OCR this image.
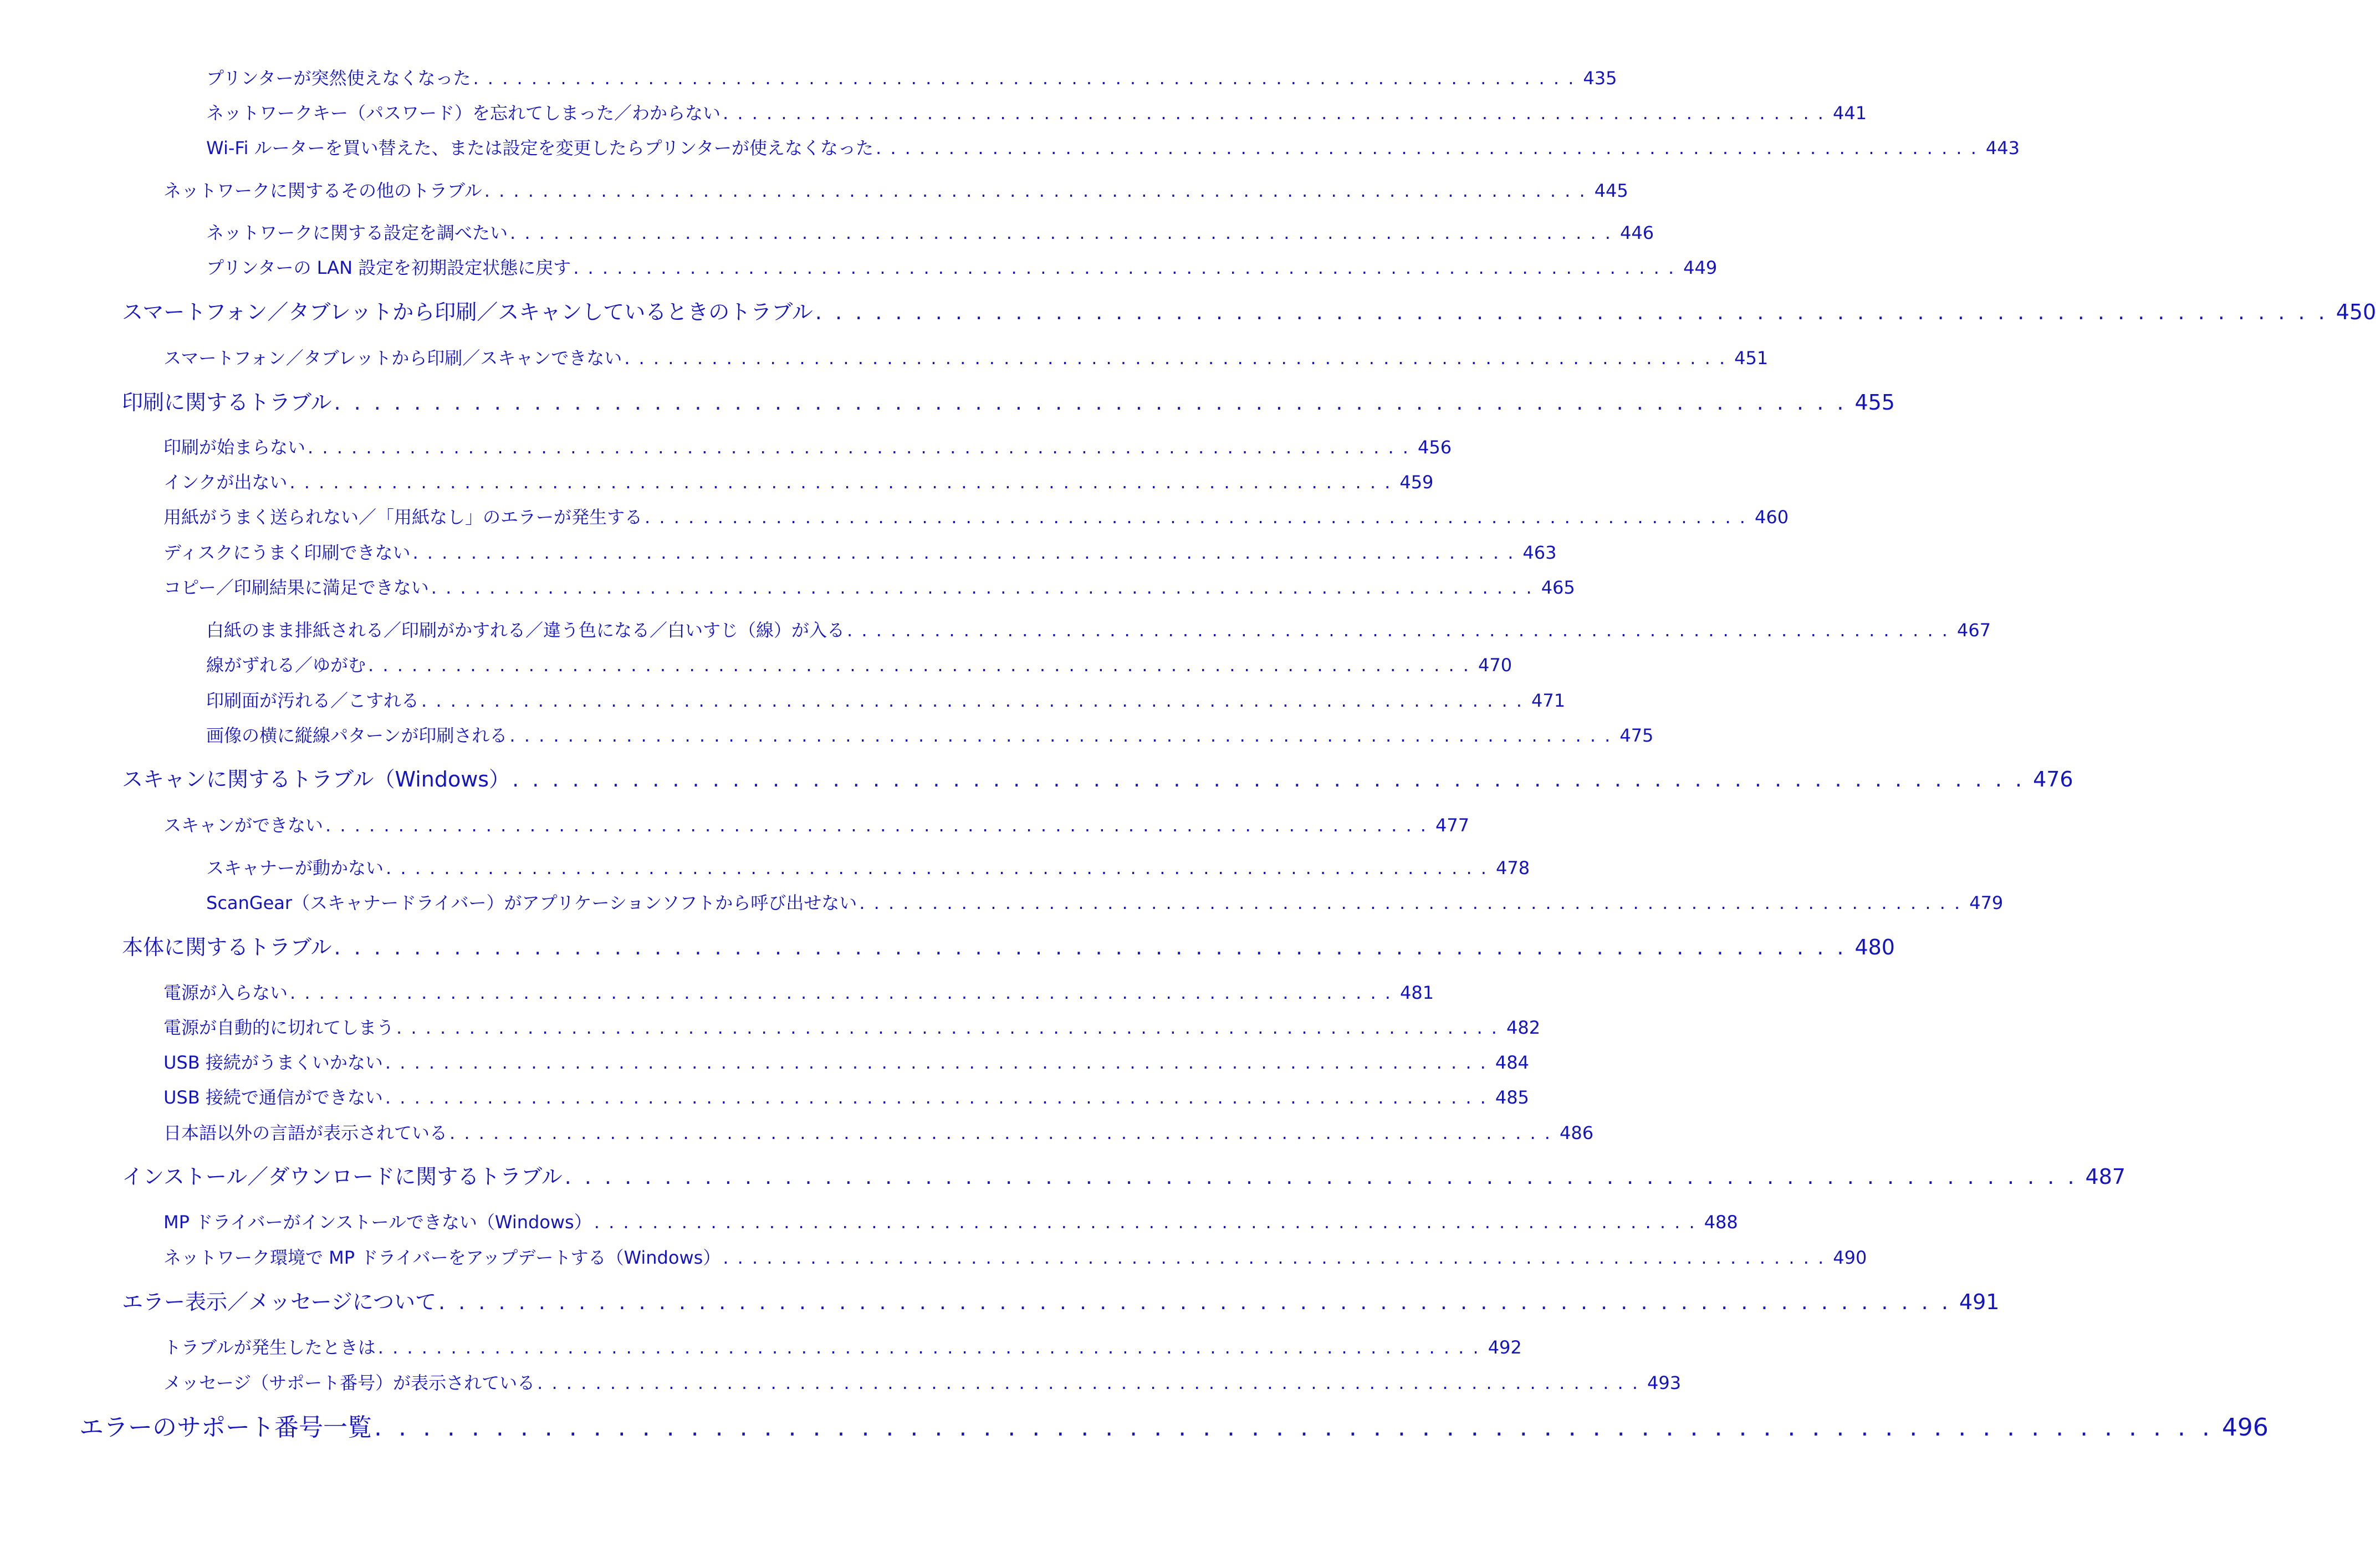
プリンターが突然使えなくなった . . . . . . . . . . . . . . . . . . . . . . . . . . . . . . . . . . . . . . . . . . . . . . . . . . . . . . . . . . . . . . . . . . . . . . . . . . . . 435
ネットワークキー（パスワード）を忘れてしまった／わからない . . . . . . . . . . . . . . . . . . . . . . . . . . . . . . . . . . . . . . . . . . . . . . . . . . . . . . . . . . . . . . . . . . . . . . . . . . . . 441
Wi-Fi ルーターを買い替えた、または設定を変更したらプリンターが使えなくなった . . . . . . . . . . . . . . . . . . . . . . . . . . . . . . . . . . . . . . . . . . . . . . . . . . . . . . . . . . . . . . . . . . . . . . . . . . . . 443
ネットワークに関するその他のトラブル . . . . . . . . . . . . . . . . . . . . . . . . . . . . . . . . . . . . . . . . . . . . . . . . . . . . . . . . . . . . . . . . . . . . . . . . . . . . 445
ネットワークに関する設定を調べたい . . . . . . . . . . . . . . . . . . . . . . . . . . . . . . . . . . . . . . . . . . . . . . . . . . . . . . . . . . . . . . . . . . . . . . . . . . . . 446
プリンターの LAN 設定を初期設定状態に戻す . . . . . . . . . . . . . . . . . . . . . . . . . . . . . . . . . . . . . . . . . . . . . . . . . . . . . . . . . . . . . . . . . . . . . . . . . . . . 449
スマートフォン／タブレットから印刷／スキャンしているときのトラブル . . . . . . . . . . . . . . . . . . . . . . . . . . . . . . . . . . . . . . . . . . . . . . . . . . . . . . . . . . . . . . . . . . . . . . . . . . . . 450
スマートフォン／タブレットから印刷／スキャンできない . . . . . . . . . . . . . . . . . . . . . . . . . . . . . . . . . . . . . . . . . . . . . . . . . . . . . . . . . . . . . . . . . . . . . . . . . . . . 451
印刷に関するトラブル . . . . . . . . . . . . . . . . . . . . . . . . . . . . . . . . . . . . . . . . . . . . . . . . . . . . . . . . . . . . . . . . . . . . . . . . . . . . 455
印刷が始まらない . . . . . . . . . . . . . . . . . . . . . . . . . . . . . . . . . . . . . . . . . . . . . . . . . . . . . . . . . . . . . . . . . . . . . . . . . . . . 456
インクが出ない . . . . . . . . . . . . . . . . . . . . . . . . . . . . . . . . . . . . . . . . . . . . . . . . . . . . . . . . . . . . . . . . . . . . . . . . . . . . 459
用紙がうまく送られない／「用紙なし」のエラーが発生する . . . . . . . . . . . . . . . . . . . . . . . . . . . . . . . . . . . . . . . . . . . . . . . . . . . . . . . . . . . . . . . . . . . . . . . . . . . . 460
ディスクにうまく印刷できない . . . . . . . . . . . . . . . . . . . . . . . . . . . . . . . . . . . . . . . . . . . . . . . . . . . . . . . . . . . . . . . . . . . . . . . . . . . . 463
コピー／印刷結果に満足できない . . . . . . . . . . . . . . . . . . . . . . . . . . . . . . . . . . . . . . . . . . . . . . . . . . . . . . . . . . . . . . . . . . . . . . . . . . . . 465
白紙のまま排紙される／印刷がかすれる／違う色になる／白いすじ（線）が入る . . . . . . . . . . . . . . . . . . . . . . . . . . . . . . . . . . . . . . . . . . . . . . . . . . . . . . . . . . . . . . . . . . . . . . . . . . . . 467
線がずれる／ゆがむ . . . . . . . . . . . . . . . . . . . . . . . . . . . . . . . . . . . . . . . . . . . . . . . . . . . . . . . . . . . . . . . . . . . . . . . . . . . . 470
印刷面が汚れる／こすれる . . . . . . . . . . . . . . . . . . . . . . . . . . . . . . . . . . . . . . . . . . . . . . . . . . . . . . . . . . . . . . . . . . . . . . . . . . . . 471
画像の横に縦線パターンが印刷される . . . . . . . . . . . . . . . . . . . . . . . . . . . . . . . . . . . . . . . . . . . . . . . . . . . . . . . . . . . . . . . . . . . . . . . . . . . . 475
スキャンに関するトラブル（Windows） . . . . . . . . . . . . . . . . . . . . . . . . . . . . . . . . . . . . . . . . . . . . . . . . . . . . . . . . . . . . . . . . . . . . . . . . . . . . 476
スキャンができない . . . . . . . . . . . . . . . . . . . . . . . . . . . . . . . . . . . . . . . . . . . . . . . . . . . . . . . . . . . . . . . . . . . . . . . . . . . . 477
スキャナーが動かない . . . . . . . . . . . . . . . . . . . . . . . . . . . . . . . . . . . . . . . . . . . . . . . . . . . . . . . . . . . . . . . . . . . . . . . . . . . . 478
ScanGear（スキャナードライバー）がアプリケーションソフトから呼び出せない . . . . . . . . . . . . . . . . . . . . . . . . . . . . . . . . . . . . . . . . . . . . . . . . . . . . . . . . . . . . . . . . . . . . . . . . . . . . 479
本体に関するトラブル . . . . . . . . . . . . . . . . . . . . . . . . . . . . . . . . . . . . . . . . . . . . . . . . . . . . . . . . . . . . . . . . . . . . . . . . . . . . 480
電源が入らない . . . . . . . . . . . . . . . . . . . . . . . . . . . . . . . . . . . . . . . . . . . . . . . . . . . . . . . . . . . . . . . . . . . . . . . . . . . . 481
電源が自動的に切れてしまう . . . . . . . . . . . . . . . . . . . . . . . . . . . . . . . . . . . . . . . . . . . . . . . . . . . . . . . . . . . . . . . . . . . . . . . . . . . . 482
USB 接続がうまくいかない . . . . . . . . . . . . . . . . . . . . . . . . . . . . . . . . . . . . . . . . . . . . . . . . . . . . . . . . . . . . . . . . . . . . . . . . . . . . 484
USB 接続で通信ができない . . . . . . . . . . . . . . . . . . . . . . . . . . . . . . . . . . . . . . . . . . . . . . . . . . . . . . . . . . . . . . . . . . . . . . . . . . . . 485
日本語以外の言語が表示されている . . . . . . . . . . . . . . . . . . . . . . . . . . . . . . . . . . . . . . . . . . . . . . . . . . . . . . . . . . . . . . . . . . . . . . . . . . . . 486
インストール／ダウンロードに関するトラブル . . . . . . . . . . . . . . . . . . . . . . . . . . . . . . . . . . . . . . . . . . . . . . . . . . . . . . . . . . . . . . . . . . . . . . . . . . . . 487
MP ドライバーがインストールできない（Windows） . . . . . . . . . . . . . . . . . . . . . . . . . . . . . . . . . . . . . . . . . . . . . . . . . . . . . . . . . . . . . . . . . . . . . . . . . . . . 488
ネットワーク環境で MP ドライバーをアップデートする（Windows） . . . . . . . . . . . . . . . . . . . . . . . . . . . . . . . . . . . . . . . . . . . . . . . . . . . . . . . . . . . . . . . . . . . . . . . . . . . . 490
エラー表示／メッセージについて . . . . . . . . . . . . . . . . . . . . . . . . . . . . . . . . . . . . . . . . . . . . . . . . . . . . . . . . . . . . . . . . . . . . . . . . . . . . 491
トラブルが発生したときは . . . . . . . . . . . . . . . . . . . . . . . . . . . . . . . . . . . . . . . . . . . . . . . . . . . . . . . . . . . . . . . . . . . . . . . . . . . . 492
メッセージ（サポート番号）が表示されている . . . . . . . . . . . . . . . . . . . . . . . . . . . . . . . . . . . . . . . . . . . . . . . . . . . . . . . . . . . . . . . . . . . . . . . . . . . . 493
エラーのサポート番号一覧 . . . . . . . . . . . . . . . . . . . . . . . . . . . . . . . . . . . . . . . . . . . . . . . . . . . . . . . . . . . . . . . . . . . . . . . . . . . . 496
